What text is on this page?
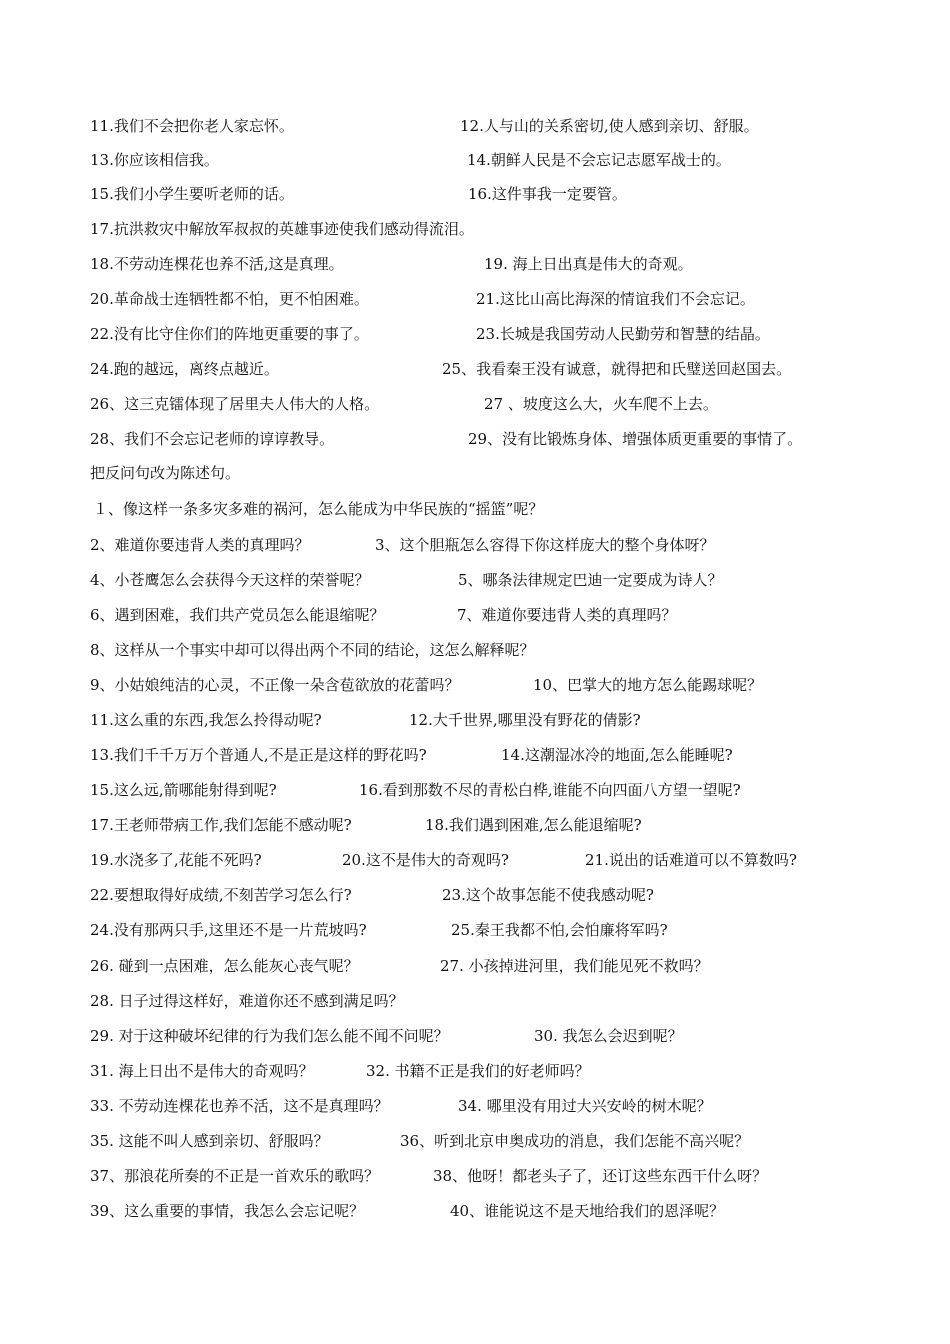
11.我们不会把你老人家忘怀。	12.人与山的关系密切,使人感到亲切、舒服。
13.你应该相信我。	14.朝鲜人民是不会忘记志愿军战士的。
15.我们小学生要听老师的话。	16.这件事我一定要管。
17.抗洪救灾中解放军叔叔的英雄事迹使我们感动得流泪。
18.不劳动连棵花也养不活,这是真理。	19. 海上日出真是伟大的奇观。
20.革命战士连牺牲都不怕，更不怕困难。	21.这比山高比海深的情谊我们不会忘记。
22.没有比守住你们的阵地更重要的事了。	23.长城是我国劳动人民勤劳和智慧的结晶。
24.跑的越远，离终点越近。	25、我看秦王没有诚意，就得把和氏璧送回赵国去。
26、这三克镭体现了居里夫人伟大的人格。	27 、坡度这么大，火车爬不上去。
28、我们不会忘记老师的谆谆教导。	29、没有比锻炼身体、增强体质更重要的事情了。
把反问句改为陈述句。
１、像这样一条多灾多难的祸河，怎么能成为中华民族的“摇篮”呢？
2、难道你要违背人类的真理吗？	3、这个胆瓶怎么容得下你这样庞大的整个身体呀？
4、小苍鹰怎么会获得今天这样的荣誉呢？	5、哪条法律规定巴迪一定要成为诗人？
6、遇到困难，我们共产党员怎么能退缩呢？	7、难道你要违背人类的真理吗？
8、这样从一个事实中却可以得出两个不同的结论，这怎么解释呢？
9、小姑娘纯洁的心灵，不正像一朵含苞欲放的花蕾吗？	10、巴掌大的地方怎么能踢球呢？
11.这么重的东西,我怎么拎得动呢?	12.大千世界,哪里没有野花的倩影?
13.我们千千万万个普通人,不是正是这样的野花吗?	14.这潮湿冰冷的地面,怎么能睡呢?
15.这么远,箭哪能射得到呢?	16.看到那数不尽的青松白桦,谁能不向四面八方望一望呢?
17.王老师带病工作,我们怎能不感动呢?	18.我们遇到困难,怎么能退缩呢?
19.水浇多了,花能不死吗?	20.这不是伟大的奇观吗?	21.说出的话难道可以不算数吗?
22.要想取得好成绩,不刻苦学习怎么行?	23.这个故事怎能不使我感动呢?
24.没有那两只手,这里还不是一片荒坡吗?	25.秦王我都不怕,会怕廉将军吗?
26. 碰到一点困难，怎么能灰心丧气呢？	27. 小孩掉进河里，我们能见死不救吗？
28. 日子过得这样好，难道你还不感到满足吗？
29. 对于这种破坏纪律的行为我们怎么能不闻不问呢？	30. 我怎么会迟到呢？
31. 海上日出不是伟大的奇观吗？	32. 书籍不正是我们的好老师吗？
33. 不劳动连棵花也养不活，这不是真理吗？	34. 哪里没有用过大兴安岭的树木呢？
35. 这能不叫人感到亲切、舒服吗？	36、听到北京申奥成功的消息，我们怎能不高兴呢？
37、那浪花所奏的不正是一首欢乐的歌吗？	38、他呀！都老头子了，还订这些东西干什么呀？
39、这么重要的事情，我怎么会忘记呢？	40、谁能说这不是天地给我们的恩泽呢？
